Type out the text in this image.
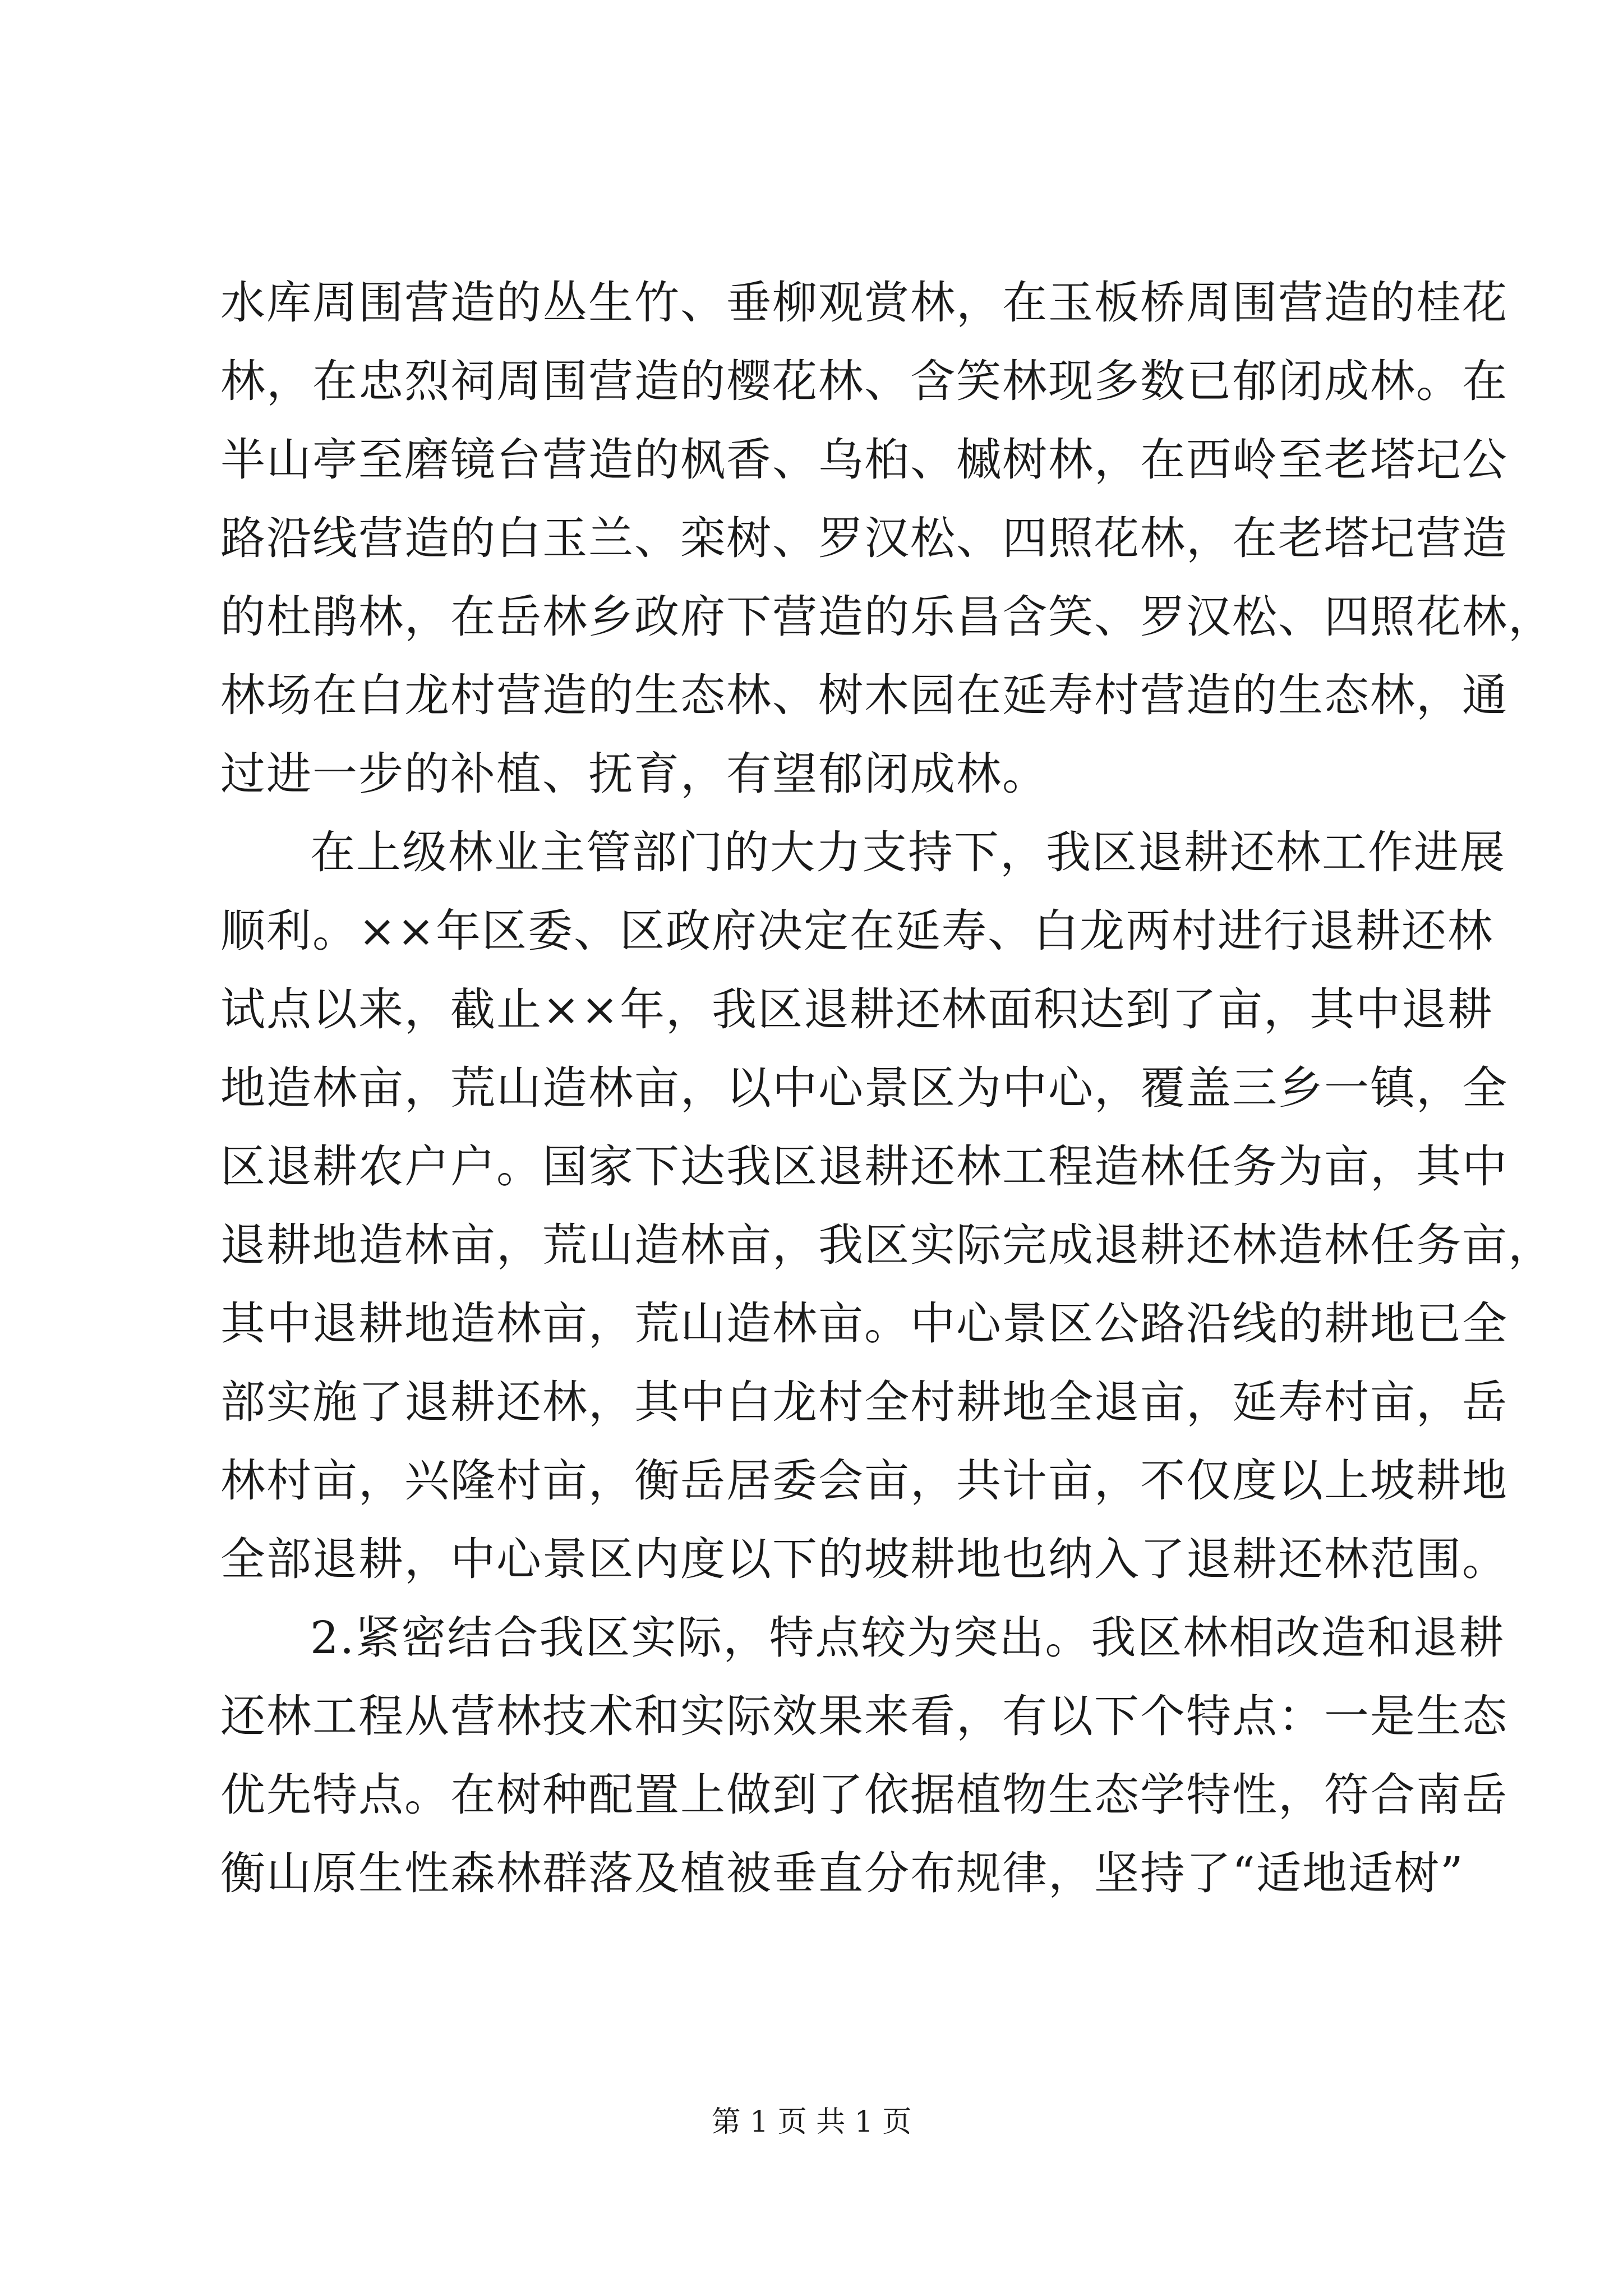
水库周围营造的丛生竹、垂柳观赏林，在玉板桥周围营造的桂花
林，在忠烈祠周围营造的樱花林、含笑林现多数已郁闭成林。在
半山亭至磨镜台营造的枫香、乌桕、槭树林，在西岭至老塔圮公
路沿线营造的白玉兰、栾树、罗汉松、四照花林，在老塔圮营造
的杜鹃林，在岳林乡政府下营造的乐昌含笑、罗汉松、四照花林，
林场在白龙村营造的生态林、树木园在延寿村营造的生态林，通
过进一步的补植、抚育，有望郁闭成林。
在上级林业主管部门的大力支持下，我区退耕还林工作进展
顺利。××年区委、区政府决定在延寿、白龙两村进行退耕还林
试点以来，截止××年，我区退耕还林面积达到了亩，其中退耕
地造林亩，荒山造林亩，以中心景区为中心，覆盖三乡一镇，全
区退耕农户户。国家下达我区退耕还林工程造林任务为亩，其中
退耕地造林亩，荒山造林亩，我区实际完成退耕还林造林任务亩，
其中退耕地造林亩，荒山造林亩。中心景区公路沿线的耕地已全
部实施了退耕还林，其中白龙村全村耕地全退亩，延寿村亩，岳
林村亩，兴隆村亩，衡岳居委会亩，共计亩，不仅度以上坡耕地
全部退耕，中心景区内度以下的坡耕地也纳入了退耕还林范围。
2.紧密结合我区实际，特点较为突出。我区林相改造和退耕
还林工程从营林技术和实际效果来看，有以下个特点：一是生态
优先特点。在树种配置上做到了依据植物生态学特性，符合南岳
衡山原生性森林群落及植被垂直分布规律，坚持了“适地适树”
第 1 页 共 1 页
